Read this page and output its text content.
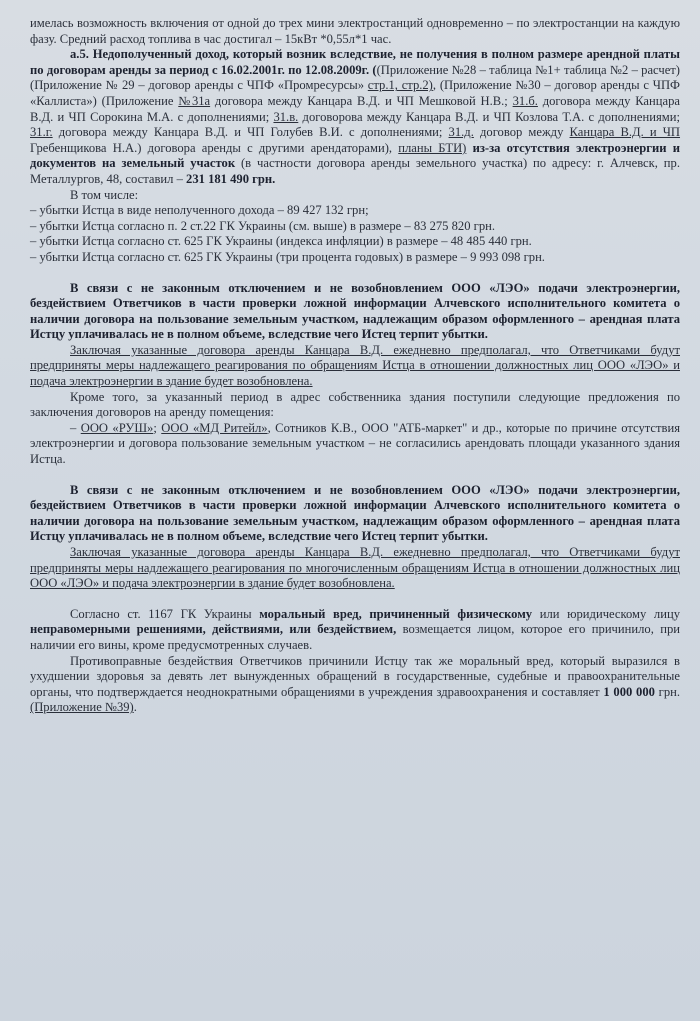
имелась возможность включения от одной до трех мини электростанций одновременно – по электростанции на каждую фазу. Средний расход топлива в час достигал – 15кВт *0,55л*1 час.

а.5. Недополученный доход, который возник вследствие, не получения в полном размере арендной платы по договорам аренды за период с 16.02.2001г. по 12.08.2009г. ((Приложение №28 – таблица №1+ таблица №2 – расчет) (Приложение № 29 – договор аренды с ЧПФ «Промресурсы» стр.1, стр.2), (Приложение №30 – договор аренды с ЧПФ «Каллиста») (Приложение №31а договора между Канцара В.Д. и ЧП Мешковой Н.В.; 31.б. договора между Канцара В.Д. и ЧП Сорокина М.А. с дополнениями; 31.в. договорова между Канцара В.Д. и ЧП Козлова Т.А. с дополнениями; 31.г. договора между Канцара В.Д. и ЧП Голубев В.И. с дополнениями; 31.д. договор между Канцара В.Д. и ЧП Гребенщикова Н.А.) договора аренды с другими арендаторами), планы БТИ) из-за отсутствия электроэнергии и документов на земельный участок (в частности договора аренды земельного участка) по адресу: г. Алчевск, пр. Металлургов, 48, составил – 231 181 490 грн.

В том числе:

– убытки Истца в виде неполученного дохода – 89 427 132 грн;

– убытки Истца согласно п. 2 ст.22 ГК Украины (см. выше) в размере – 83 275 820 грн.

– убытки Истца согласно ст. 625 ГК Украины (индекса инфляции) в размере – 48 485 440 грн.

– убытки Истца согласно ст. 625 ГК Украины (три процента годовых) в размере – 9 993 098 грн.

В связи с не законным отключением и не возобновлением ООО «ЛЭО» подачи электроэнергии, бездействием Ответчиков в части проверки ложной информации Алчевского исполнительного комитета о наличии договора на пользование земельным участком, надлежащим образом оформленного – арендная плата Истцу уплачивалась не в полном объеме, вследствие чего Истец терпит убытки.

Заключая указанные договора аренды Канцара В.Д. ежедневно предполагал, что Ответчиками будут предприняты меры надлежащего реагирования по обращениям Истца в отношении должностных лиц ООО «ЛЭО» и подача электроэнергии в здание будет возобновлена.

Кроме того, за указанный период в адрес собственника здания поступили следующие предложения по заключения договоров на аренду помещения:

– ООО «РУШ»; ООО «МД Ритейл», Сотников К.В., ООО "АТБ-маркет" и др., которые по причине отсутствия электроэнергии и договора пользование земельным участком – не согласились арендовать площади указанного здания Истца.

В связи с не законным отключением и не возобновлением ООО «ЛЭО» подачи электроэнергии, бездействием Ответчиков в части проверки ложной информации Алчевского исполнительного комитета о наличии договора на пользование земельным участком, надлежащим образом оформленного – арендная плата Истцу уплачивалась не в полном объеме, вследствие чего Истец терпит убытки.

Заключая указанные договора аренды Канцара В.Д. ежедневно предполагал, что Ответчиками будут предприняты меры надлежащего реагирования по многочисленным обращениям Истца в отношении должностных лиц ООО «ЛЭО» и подача электроэнергии в здание будет возобновлена.

Согласно ст. 1167 ГК Украины моральный вред, причиненный физическому или юридическому лицу неправомерными решениями, действиями, или бездействием, возмещается лицом, которое его причинило, при наличии его вины, кроме предусмотренных случаев.

Противоправные бездействия Ответчиков причинили Истцу так же моральный вред, который выразился в ухудшении здоровья за девять лет вынужденных обращений в государственные, судебные и правоохранительные органы, что подтверждается неоднократными обращениями в учреждения здравоохранения и составляет 1 000 000 грн. (Приложение №39).
